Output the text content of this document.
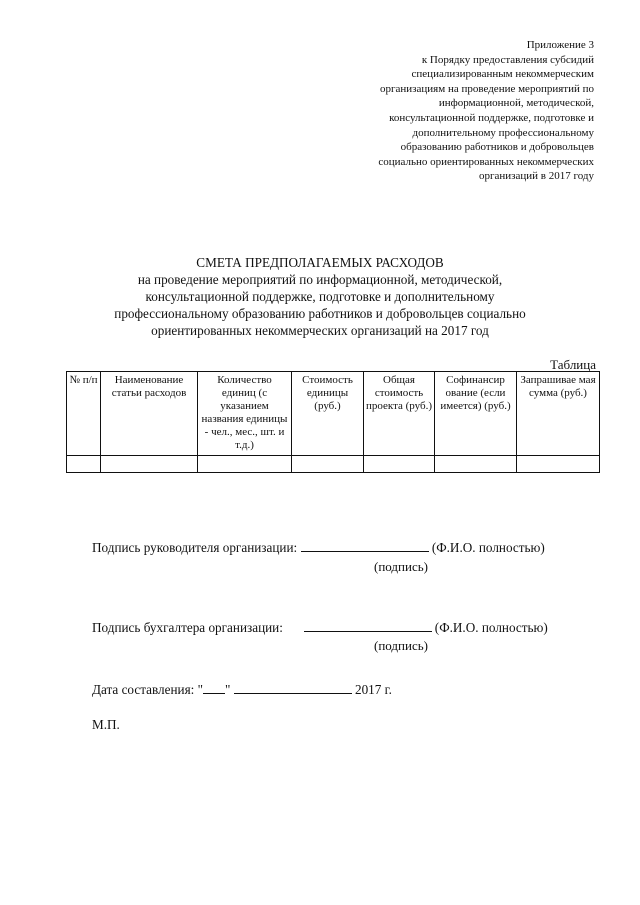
Приложение 3
к Порядку предоставления субсидий
специализированным некоммерческим
организациям на проведение мероприятий по
информационной, методической,
консультационной поддержке, подготовке и
дополнительному профессиональному
образованию работников и добровольцев
социально ориентированных некоммерческих
организаций в 2017 году
СМЕТА ПРЕДПОЛАГАЕМЫХ РАСХОДОВ
на проведение мероприятий по информационной, методической,
консультационной поддержке, подготовке и дополнительному
профессиональному образованию работников и добровольцев социально
ориентированных некоммерческих организаций на 2017 год
Таблица
№ п/п	Наименование статьи расходов	Количество единиц (с указанием названия единицы - чел., мес., шт. и т.д.)	Стоимость единицы (руб.)	Общая стоимость проекта (руб.)	Софинансир ование (если имеется) (руб.)	Запрашивае мая сумма (руб.)

Подпись руководителя организации:	(Ф.И.О. полностью)
(подпись)
Подпись бухгалтера организации:	(Ф.И.О. полностью)
(подпись)
Дата составления: " "	2017 г.
М.П.
